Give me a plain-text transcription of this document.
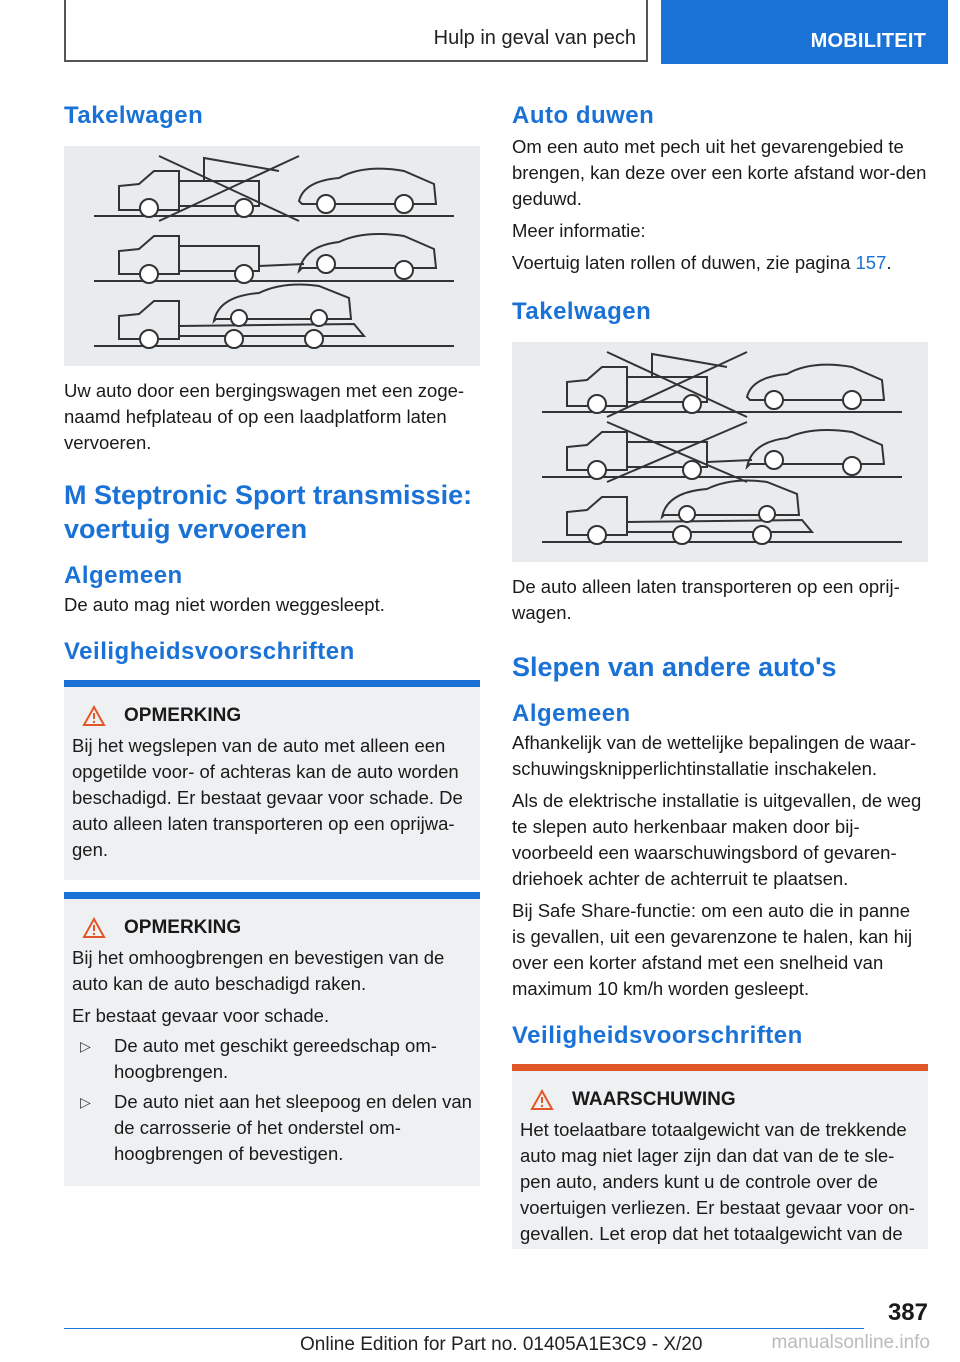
Hulp in geval van pech	MOBILITEIT
Takelwagen

Uw auto door een bergingswagen met een zoge-naamd hefplateau of op een laadplatform laten vervoeren.

M Steptronic Sport transmissie: voertuig vervoeren
Algemeen

De auto mag niet worden weggesleept.

Veiligheidsvoorschriften
OPMERKING

Bij het wegslepen van de auto met alleen een opgetilde voor- of achteras kan de auto worden beschadigd. Er bestaat gevaar voor schade. De auto alleen laten transporteren op een oprijwa-gen.

OPMERKING

Bij het omhoogbrengen en bevestigen van de auto kan de auto beschadigd raken.

Er bestaat gevaar voor schade.

▷	De auto met geschikt gereedschap om-hoogbrengen.
▷	De auto niet aan het sleepoog en delen van de carrosserie of het onderstel om-hoogbrengen of bevestigen.
Auto duwen

Om een auto met pech uit het gevarengebied te brengen, kan deze over een korte afstand wor-den geduwd.

Meer informatie:

Voertuig laten rollen of duwen, zie pagina 157.

Takelwagen

De auto alleen laten transporteren op een oprij-wagen.

Slepen van andere auto's
Algemeen

Afhankelijk van de wettelijke bepalingen de waar-schuwingsknipperlichtinstallatie inschakelen.

Als de elektrische installatie is uitgevallen, de weg te slepen auto herkenbaar maken door bij-voorbeeld een waarschuwingsbord of gevaren-driehoek achter de achterruit te plaatsen.

Bij Safe Share-functie: om een auto die in panne is gevallen, uit een gevarenzone te halen, kan hij over een korter afstand met een snelheid van maximum 10 km/h worden gesleept.

Veiligheidsvoorschriften
WAARSCHUWING

Het toelaatbare totaalgewicht van de trekkende auto mag niet lager zijn dan dat van de te sle-pen auto, anders kunt u de controle over de voertuigen verliezen. Er bestaat gevaar voor on-gevallen. Let erop dat het totaalgewicht van de

387
Online Edition for Part no. 01405A1E3C9 - X/20	manualsonline.info
